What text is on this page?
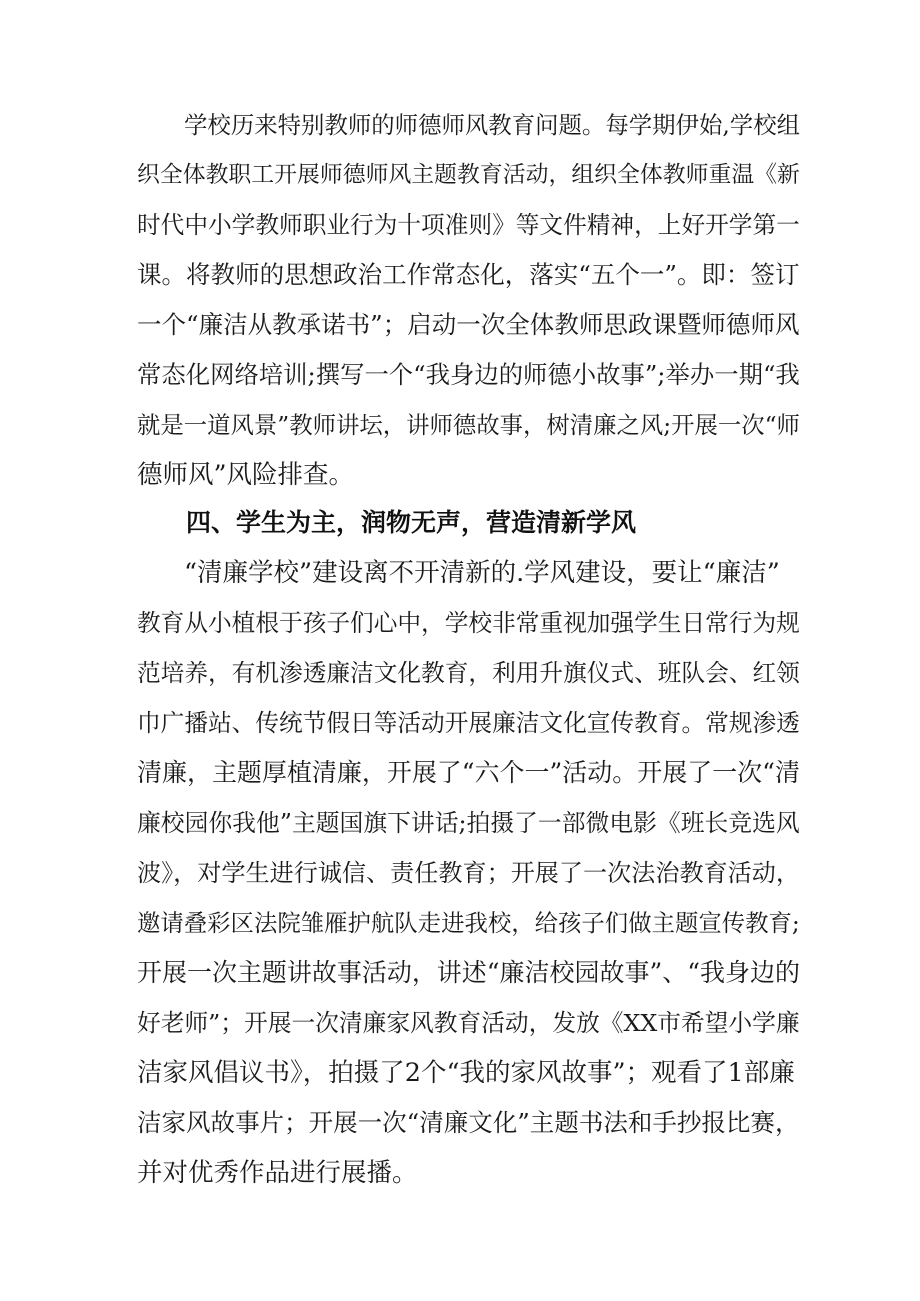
学校历来特别教师的师德师风教育问题。每学期伊始,学校组

织全体教职工开展师德师风主题教育活动，组织全体教师重温《新

时代中小学教师职业行为十项准则》等文件精神，上好开学第一

课。将教师的思想政治工作常态化，落实“五个一”。即：签订

一个“廉洁从教承诺书”；启动一次全体教师思政课暨师德师风

常态化网络培训;撰写一个“我身边的师德小故事”;举办一期“我

就是一道风景”教师讲坛，讲师德故事，树清廉之风;开展一次“师

德师风”风险排查。

四、学生为主，润物无声，营造清新学风

“清廉学校”建设离不开清新的.学风建设，要让“廉洁”

教育从小植根于孩子们心中，学校非常重视加强学生日常行为规

范培养，有机渗透廉洁文化教育，利用升旗仪式、班队会、红领

巾广播站、传统节假日等活动开展廉洁文化宣传教育。常规渗透

清廉，主题厚植清廉，开展了“六个一”活动。开展了一次“清

廉校园你我他”主题国旗下讲话;拍摄了一部微电影《班长竞选风

波》，对学生进行诚信、责任教育；开展了一次法治教育活动，

邀请叠彩区法院雏雁护航队走进我校，给孩子们做主题宣传教育;

开展一次主题讲故事活动，讲述“廉洁校园故事”、“我身边的

好老师”；开展一次清廉家风教育活动，发放《XX市希望小学廉

洁家风倡议书》，拍摄了2个“我的家风故事”；观看了1部廉

洁家风故事片；开展一次“清廉文化”主题书法和手抄报比赛，

并对优秀作品进行展播。
